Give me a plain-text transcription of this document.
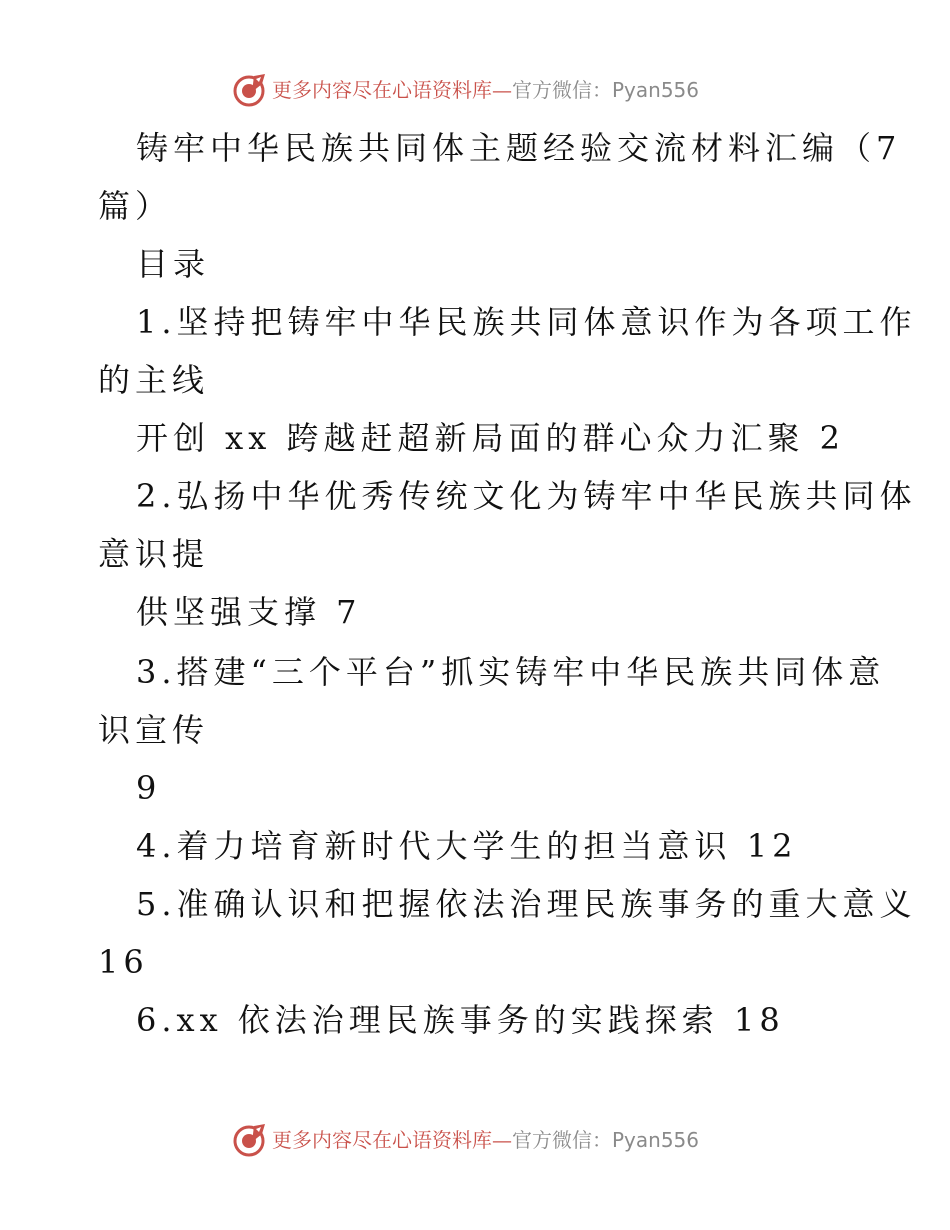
更多内容尽在心语资料库—官方微信：Pyan556
铸牢中华民族共同体主题经验交流材料汇编（7
篇）
目录
1.坚持把铸牢中华民族共同体意识作为各项工作
的主线
开创 xx 跨越赶超新局面的群心众力汇聚 2
2.弘扬中华优秀传统文化为铸牢中华民族共同体
意识提
供坚强支撑 7
3.搭建“三个平台”抓实铸牢中华民族共同体意
识宣传
9
4.着力培育新时代大学生的担当意识 12
5.准确认识和把握依法治理民族事务的重大意义
16
6.xx 依法治理民族事务的实践探索 18
更多内容尽在心语资料库—官方微信：Pyan556
